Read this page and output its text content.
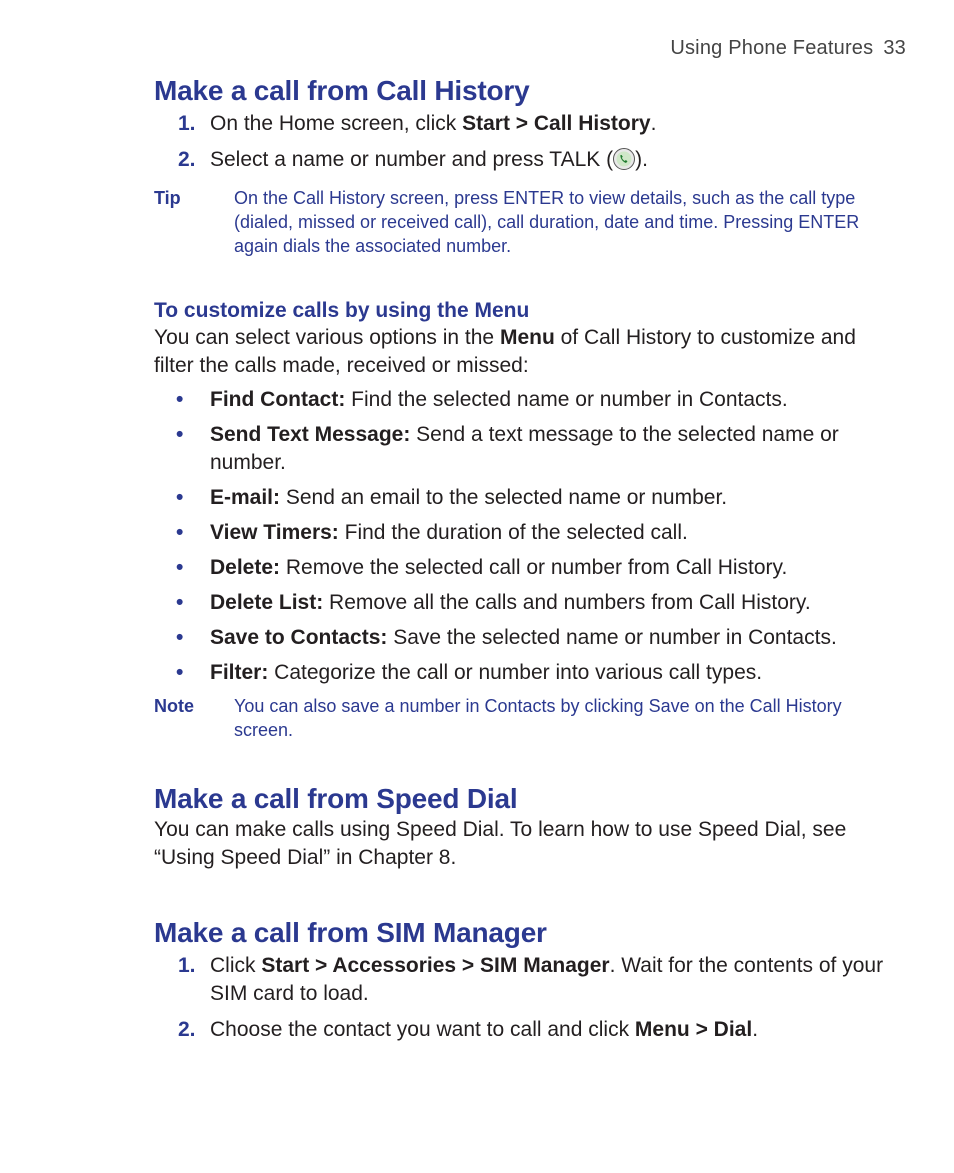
Using Phone Features 33
Make a call from Call History
1. On the Home screen, click Start > Call History.
2. Select a name or number and press TALK ( ).
Tip	On the Call History screen, press ENTER to view details, such as the call type (dialed, missed or received call), call duration, date and time. Pressing ENTER again dials the associated number.
To customize calls by using the Menu

You can select various options in the Menu of Call History to customize and filter the calls made, received or missed:

• Find Contact: Find the selected name or number in Contacts.
• Send Text Message: Send a text message to the selected name or number.
• E-mail: Send an email to the selected name or number.
• View Timers: Find the duration of the selected call.
• Delete: Remove the selected call or number from Call History.
• Delete List: Remove all the calls and numbers from Call History.
• Save to Contacts: Save the selected name or number in Contacts.
• Filter: Categorize the call or number into various call types.
Note You can also save a number in Contacts by clicking Save on the Call History screen.
Make a call from Speed Dial

You can make calls using Speed Dial. To learn how to use Speed Dial, see “Using Speed Dial” in Chapter 8.

Make a call from SIM Manager
1. Click Start > Accessories > SIM Manager. Wait for the contents of your SIM card to load.
2. Choose the contact you want to call and click Menu > Dial.
